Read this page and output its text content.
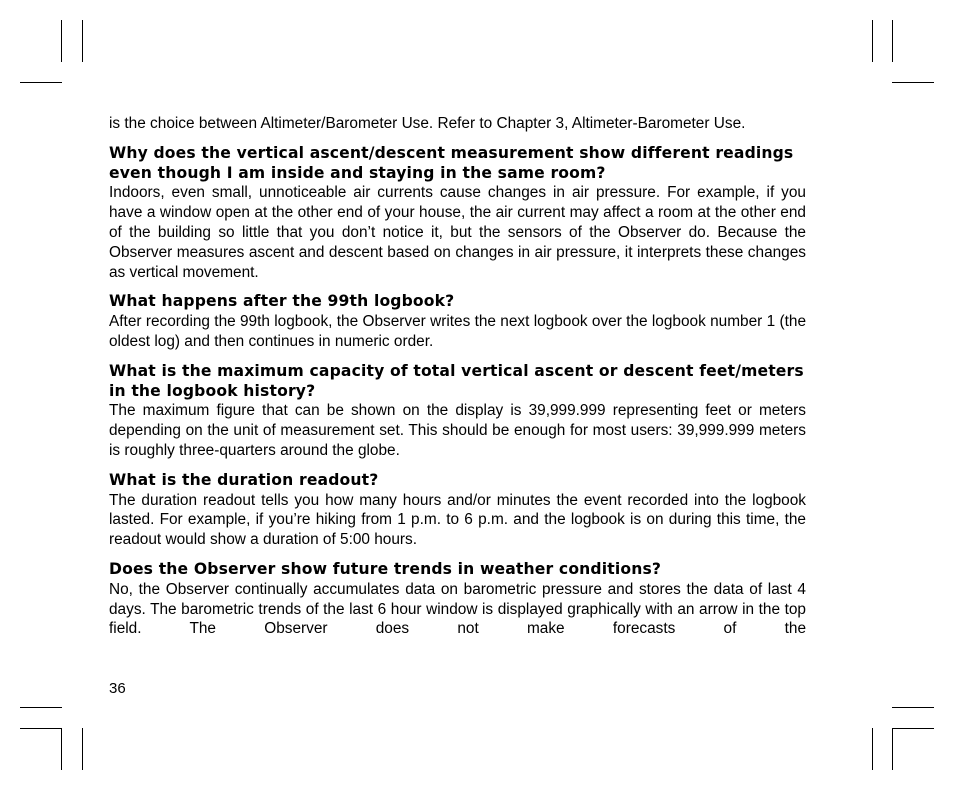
is the choice between Altimeter/Barometer Use. Refer to Chapter 3, Altimeter-Barometer Use.

Why does the vertical ascent/descent measurement show different readings even though I am inside and staying in the same room?

Indoors, even small, unnoticeable air currents cause changes in air pressure. For example, if you have a window open at the other end of your house, the air current may affect a room at the other end of the building so little that you don’t notice it, but the sensors of the Observer do. Because the Observer measures ascent and descent based on changes in air pressure, it interprets these changes as vertical movement.

What happens after the 99th logbook?

After recording the 99th logbook, the Observer writes the next logbook over the logbook number 1 (the oldest log) and then continues in numeric order.

What is the maximum capacity of total vertical ascent or descent feet/meters in the logbook history?

The maximum figure that can be shown on the display is 39,999.999 representing feet or meters depending on the unit of measurement set. This should be enough for most users: 39,999.999 meters is roughly three-quarters around the globe.

What is the duration readout?

The duration readout tells you how many hours and/or minutes the event recorded into the logbook lasted. For example, if you’re hiking from 1 p.m. to 6 p.m. and the logbook is on during this time, the readout would show a duration of 5:00 hours.

Does the Observer show future trends in weather conditions?

No, the Observer continually accumulates data on barometric pressure and stores the data of last 4 days. The barometric trends of the last 6 hour window is displayed graphically with an arrow in the top field. The Observer does not make forecasts of the

36
